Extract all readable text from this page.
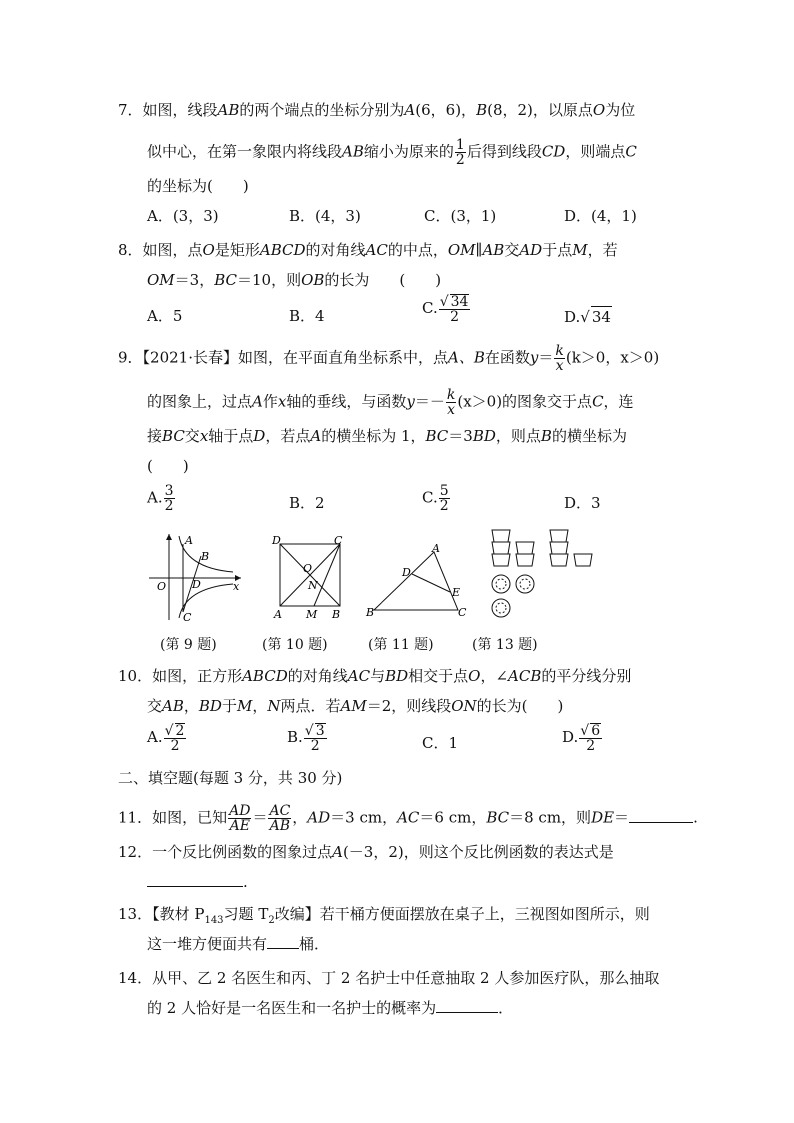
7．如图，线段AB的两个端点的坐标分别为A(6，6)，B(8，2)，以原点O为位
似中心，在第一象限内将线段AB缩小为原来的 $\frac{1}{2}$ 后得到线段CD，则端点C
的坐标为(　　)
A．(3，3)	B．(4，3)	C．(3，1)	D．(4，1)
8．如图，点O是矩形ABCD的对角线AC的中点，OM∥AB交AD于点M，若
OM＝3，BC＝10，则OB的长为　　(　　)
A．5	B．4	C. $\frac{√ 34}{2}$	D.√ 34
9．【2021·长春】如图，在平面直角坐标系中，点A、B在函数$y= \frac{k}{x} (k>0$，x＞0)
的图象上，过点A作x轴的垂线，与函数$y=- \frac{k}{x} (x>0)$的图象交于点C，连
接BC交x轴于点D，若点A的横坐标为 1，BC＝3BD，则点B的横坐标为
(　　)
A. $\frac{3}{2}$	B．2	C. $\frac{5}{2}$	D．3
A
B
O D
C
x
D	C
O
N
A M B
A
D
E
B	C
(第 9 题)	(第 10 题)	(第 11 题)	(第 13 题)
10．如图，正方形ABCD的对角线AC与BD相交于点O，∠ACB的平分线分别
交AB，BD于M，N两点．若AM＝2，则线段ON的长为(　　)
A. $\frac{√ 2}{2}$	B. $\frac{√ 3}{2}$	C．1	D. $\frac{√ 6}{2}$
二、填空题(每题 3 分，共 30 分)
11．如图，已知 $\frac{AD}{AE} = \frac{AC}{AB}$ ，AD＝3 cm，AC＝6 cm，BC＝8 cm，则DE＝	.
12．一个反比例函数的图象过点A(－3，2)，则这个反比例函数的表达式是
.
13．【教材 $P_{143}$习题 $T_2$改编】若干桶方便面摆放在桌子上，三视图如图所示，则
这一堆方便面共有 桶．
14．从甲、乙 2 名医生和丙、丁 2 名护士中任意抽取 2 人参加医疗队，那么抽取
的 2 人恰好是一名医生和一名护士的概率为	．
